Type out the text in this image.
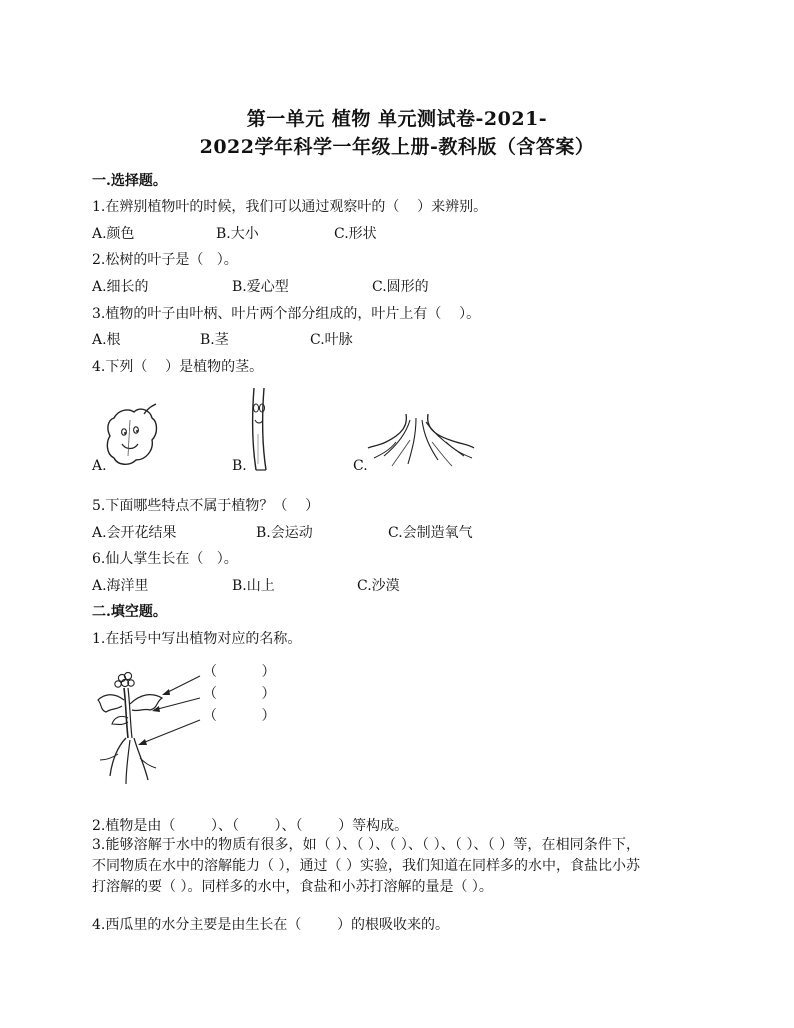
第一单元 植物 单元测试卷-2021-
2022学年科学一年级上册-教科版（含答案）
一.选择题。
1.在辨别植物叶的时候，我们可以通过观察叶的（    ）来辨别。
A.颜色	B.大小	C.形状
2.松树的叶子是（   ）。
A.细长的	B.爱心型	C.圆形的
3.植物的叶子由叶柄、叶片两个部分组成的，叶片上有（    ）。
A.根	B.茎	C.叶脉
4.下列（    ）是植物的茎。
A.	B.	C.
5.下面哪些特点不属于植物？（    ）
A.会开花结果	B.会运动	C.会制造氧气
6.仙人掌生长在（   ）。
A.海洋里	B.山上	C.沙漠
二.填空题。
1.在括号中写出植物对应的名称。
（          ）
（          ）
（          ）
2.植物是由（        ）、（        ）、（        ）等构成。
3.能够溶解于水中的物质有很多，如（ ）、（ ）、（ ）、（ ）、（ ）、（ ）等，在相同条件下，不同物质在水中的溶解能力（ ），通过（ ）实验，我们知道在同样多的水中，食盐比小苏打溶解的要（ ）。同样多的水中，食盐和小苏打溶解的量是（ ）。
4.西瓜里的水分主要是由生长在（        ）的根吸收来的。
